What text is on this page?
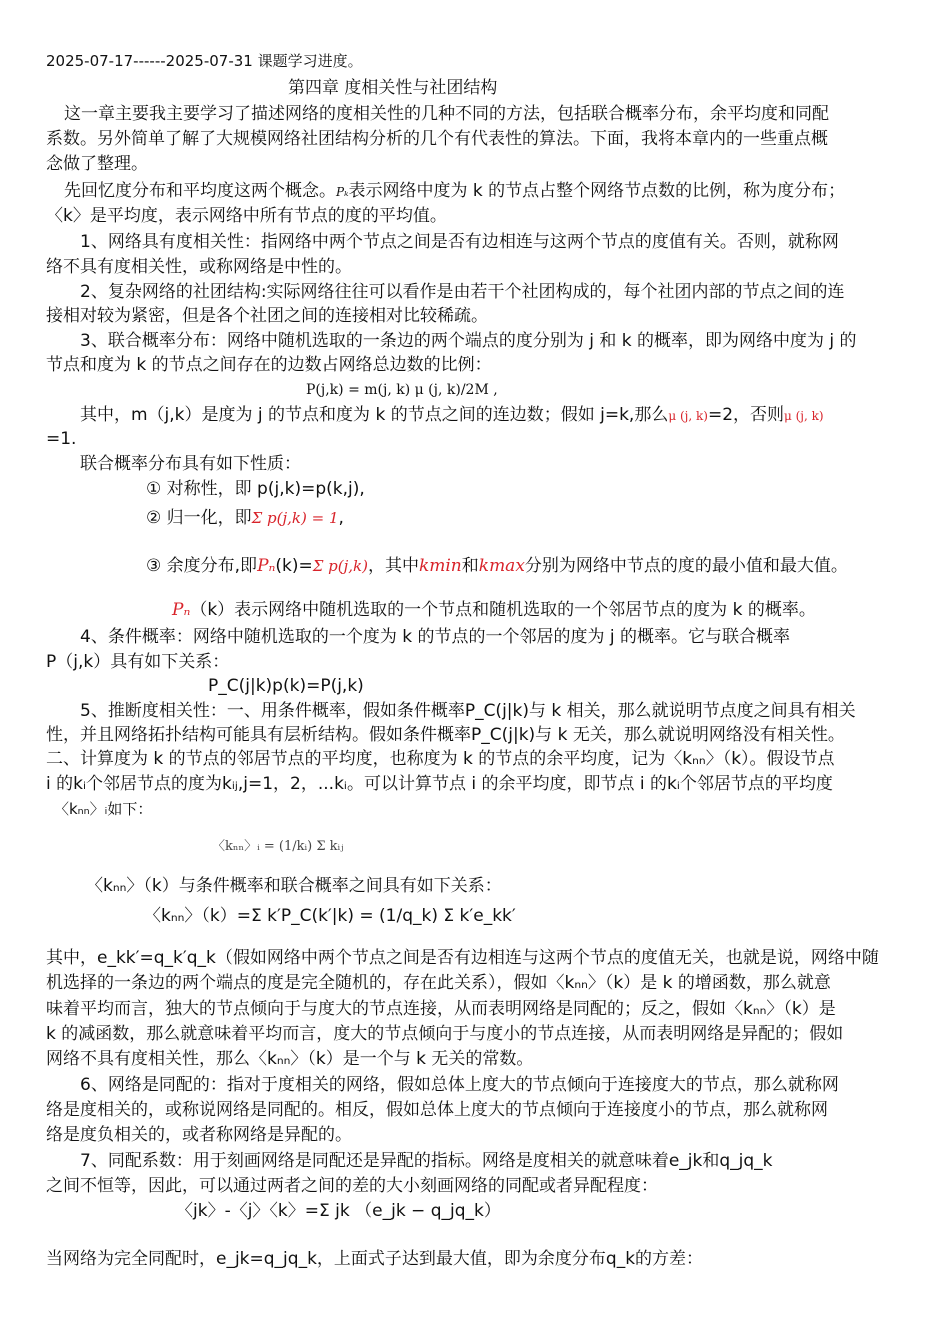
2025-07-17------2025-07-31 课题学习进度。
第四章 度相关性与社团结构
这一章主要我主要学习了描述网络的度相关性的几种不同的方法，包括联合概率分布，余平均度和同配
系数。另外简单了解了大规模网络社团结构分析的几个有代表性的算法。下面，我将本章内的一些重点概
念做了整理。
先回忆度分布和平均度这两个概念。Pₖ表示网络中度为 k 的节点占整个网络节点数的比例，称为度分布；
〈k〉是平均度，表示网络中所有节点的度的平均值。
1、网络具有度相关性：指网络中两个节点之间是否有边相连与这两个节点的度值有关。否则，就称网
络不具有度相关性，或称网络是中性的。
2、复杂网络的社团结构:实际网络往往可以看作是由若干个社团构成的，每个社团内部的节点之间的连
接相对较为紧密，但是各个社团之间的连接相对比较稀疏。
3、联合概率分布：网络中随机选取的一条边的两个端点的度分别为 j 和 k 的概率，即为网络中度为 j 的
节点和度为 k 的节点之间存在的边数占网络总边数的比例：
P(j,k) = m(j, k) μ (j, k)/2M ,
其中，m（j,k）是度为 j 的节点和度为 k 的节点之间的连边数；假如 j=k,那么μ (j, k)=2，否则μ (j, k)
=1.
联合概率分布具有如下性质：
① 对称性，即 p(j,k)=p(k,j),
② 归一化，即Σ p(j,k) = 1,
③ 余度分布,即Pₙ(k)=Σ p(j,k)，其中kmin和kmax分别为网络中节点的度的最小值和最大值。
Pₙ（k）表示网络中随机选取的一个节点和随机选取的一个邻居节点的度为 k 的概率。
4、条件概率：网络中随机选取的一个度为 k 的节点的一个邻居的度为 j 的概率。它与联合概率
P（j,k）具有如下关系：
P_C(j|k)p(k)=P(j,k)
5、推断度相关性：一、用条件概率，假如条件概率P_C(j|k)与 k 相关，那么就说明节点度之间具有相关
性，并且网络拓扑结构可能具有层析结构。假如条件概率P_C(j|k)与 k 无关，那么就说明网络没有相关性。
二、计算度为 k 的节点的邻居节点的平均度，也称度为 k 的节点的余平均度，记为〈kₙₙ〉（k）。假设节点
i 的kᵢ个邻居节点的度为kᵢⱼ,j=1，2，...kᵢ。可以计算节点 i 的余平均度，即节点 i 的kᵢ个邻居节点的平均度
〈kₙₙ〉ᵢ如下：
〈kₙₙ〉ᵢ = (1/kᵢ) Σ kᵢⱼ
〈kₙₙ〉（k）与条件概率和联合概率之间具有如下关系：
〈kₙₙ〉（k）=Σ k′P_C(k′|k) = (1/q_k) Σ k′e_kk′
其中，e_kk′=q_k′q_k（假如网络中两个节点之间是否有边相连与这两个节点的度值无关，也就是说，网络中随
机选择的一条边的两个端点的度是完全随机的，存在此关系），假如〈kₙₙ〉（k）是 k 的增函数，那么就意
味着平均而言，独大的节点倾向于与度大的节点连接，从而表明网络是同配的；反之，假如〈kₙₙ〉（k）是
k 的减函数，那么就意味着平均而言，度大的节点倾向于与度小的节点连接，从而表明网络是异配的；假如
网络不具有度相关性，那么〈kₙₙ〉（k）是一个与 k 无关的常数。
6、网络是同配的：指对于度相关的网络，假如总体上度大的节点倾向于连接度大的节点，那么就称网
络是度相关的，或称说网络是同配的。相反，假如总体上度大的节点倾向于连接度小的节点，那么就称网
络是度负相关的，或者称网络是异配的。
7、同配系数：用于刻画网络是同配还是异配的指标。网络是度相关的就意味着e_jk和q_jq_k
之间不恒等，因此，可以通过两者之间的差的大小刻画网络的同配或者异配程度：
〈jk〉-〈j〉〈k〉=Σ jk （e_jk − q_jq_k）
当网络为完全同配时，e_jk=q_jq_k，上面式子达到最大值，即为余度分布q_k的方差：
